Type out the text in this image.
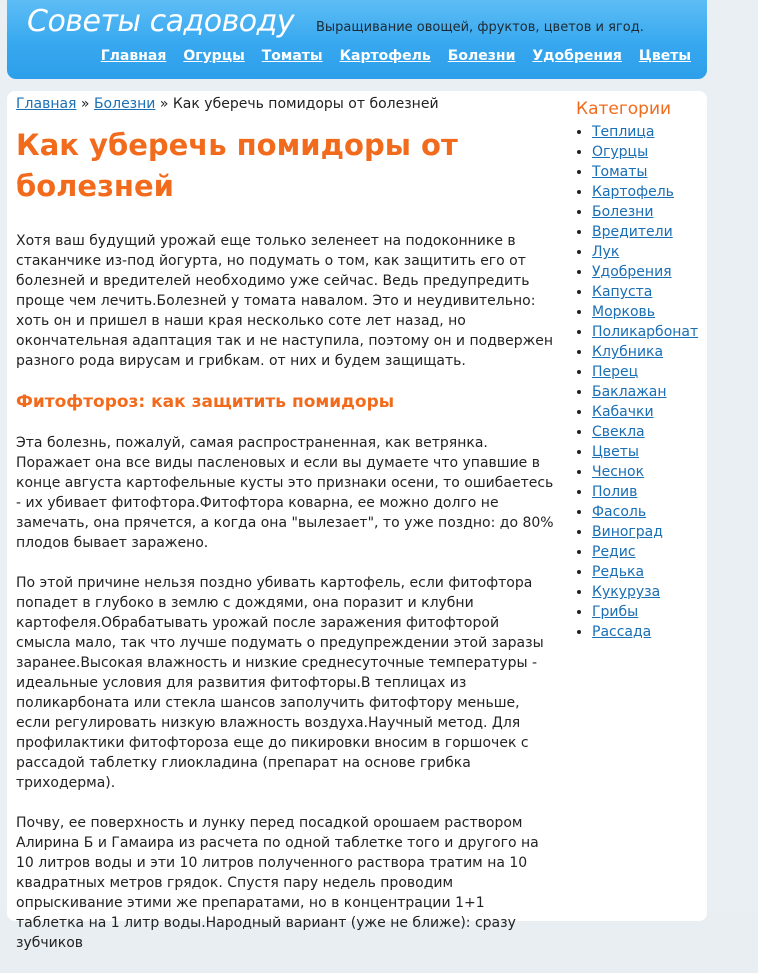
Советы садоводу Выращивание овощей, фруктов, цветов и ягод.
Главная Огурцы Томаты Картофель Болезни Удобрения Цветы
Главная » Болезни » Как уберечь помидоры от болезней
Как уберечь помидоры от болезней

Хотя ваш будущий урожай еще только зеленеет на подоконнике в стаканчике из-под йогурта, но подумать о том, как защитить его от болезней и вредителей необходимо уже сейчас. Ведь предупредить проще чем лечить.Болезней у томата навалом. Это и неудивительно: хоть он и пришел в наши края несколько соте лет назад, но окончательная адаптация так и не наступила, поэтому он и подвержен разного рода вирусам и грибкам. от них и будем защищать.

Фитофтороз: как защитить помидоры

Эта болезнь, пожалуй, самая распространенная, как ветрянка. Поражает она все виды пасленовых и если вы думаете что упавшие в конце августа картофельные кусты это признаки осени, то ошибаетесь - их убивает фитофтора.Фитофтора коварна, ее можно долго не замечать, она прячется, а когда она "вылезает", то уже поздно: до 80% плодов бывает заражено.

По этой причине нельзя поздно убивать картофель, если фитофтора попадет в глубоко в землю с дождями, она поразит и клубни картофеля.Обрабатывать урожай после заражения фитофторой смысла мало, так что лучше подумать о предупреждении этой заразы заранее.Высокая влажность и низкие среднесуточные температуры - идеальные условия для развития фитофторы.В теплицах из поликарбоната или стекла шансов заполучить фитофтору меньше, если регулировать низкую влажность воздуха.Научный метод. Для профилактики фитофтороза еще до пикировки вносим в горшочек с рассадой таблетку глиокладина (препарат на основе грибка триходерма).

Почву, ее поверхность и лунку перед посадкой орошаем раствором Алирина Б и Гамаира из расчета по одной таблетке того и другого на 10 литров воды и эти 10 литров полученного раствора тратим на 10 квадратных метров грядок. Спустя пару недель проводим опрыскивание этими же препаратами, но в концентрации 1+1 таблетка на 1 литр воды.Народный вариант (уже не ближе): сразу зубчиков

Категории
• Теплица
• Огурцы
• Томаты
• Картофель
• Болезни
• Вредители
• Лук
• Удобрения
• Капуста
• Морковь
• Поликарбонат
• Клубника
• Перец
• Баклажан
• Кабачки
• Свекла
• Цветы
• Чеснок
• Полив
• Фасоль
• Виноград
• Редис
• Редька
• Кукуруза
• Грибы
• Рассада
